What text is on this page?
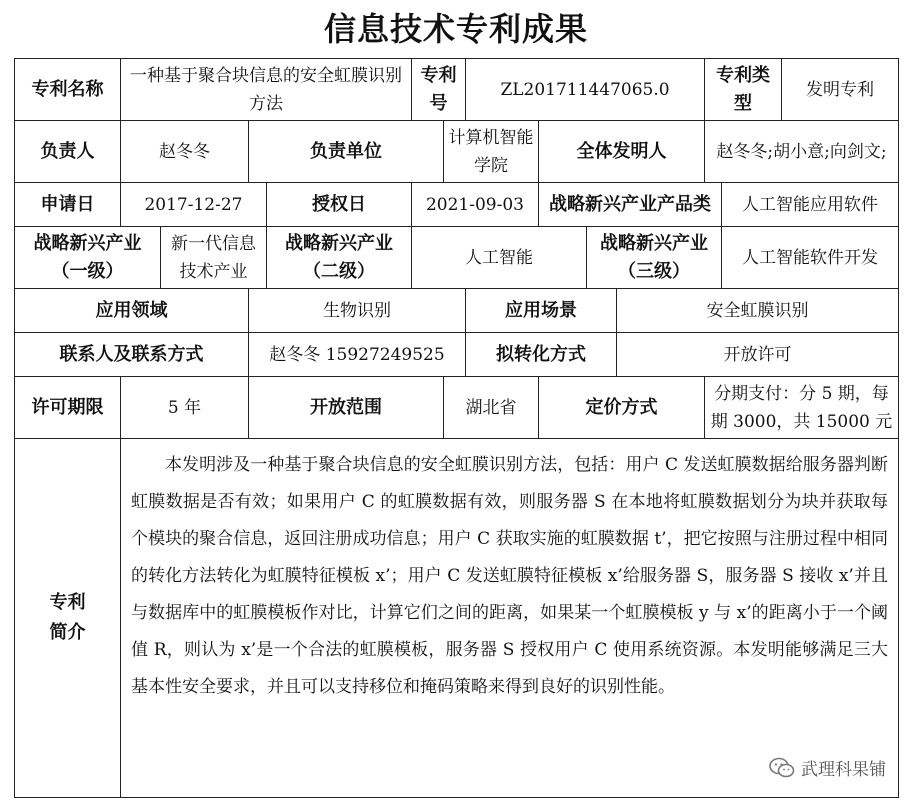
信息技术专利成果
专利名称	一种基于聚合块信息的安全虹膜识别方法				专利号		ZL201711447065.0				专利类型		发明专利
负责人	赵冬冬		负责单位			计算机智能学院		全体发明人			赵冬冬;胡小意;向剑文;		
申请日	2017-12-27			授权日	2021-09-03			战略新兴产业产品类				人工智能应用软件	
战略新兴产业（一级）		新一代信息技术产业		战略新兴产业（二级）	人工智能				战略新兴产业（三级）			人工智能软件开发	
应用领域			生物识别				应用场景			安全虹膜识别			
联系人及联系方式			赵冬冬 15927249525				拟转化方式			开放许可			
许可期限	5 年		开放范围			湖北省		定价方式			分期支付：分 5 期，每期 3000，共 15000 元		
专利简介	本发明涉及一种基于聚合块信息的安全虹膜识别方法，包括：用户 C 发送虹膜数据给服务器判断虹膜数据是否有效；如果用户 C 的虹膜数据有效，则服务器 S 在本地将虹膜数据划分为块并获取每个模块的聚合信息，返回注册成功信息；用户 C 获取实施的虹膜数据 t’，把它按照与注册过程中相同的转化方法转化为虹膜特征模板 x’；用户 C 发送虹膜特征模板 x’给服务器 S，服务器 S 接收 x’并且与数据库中的虹膜模板作对比，计算它们之间的距离，如果某一个虹膜模板 y 与 x’的距离小于一个阈值 R，则认为 x’是一个合法的虹膜模板，服务器 S 授权用户 C 使用系统资源。本发明能够满足三大基本性安全要求，并且可以支持移位和掩码策略来得到良好的识别性能。												

武理科果铺
